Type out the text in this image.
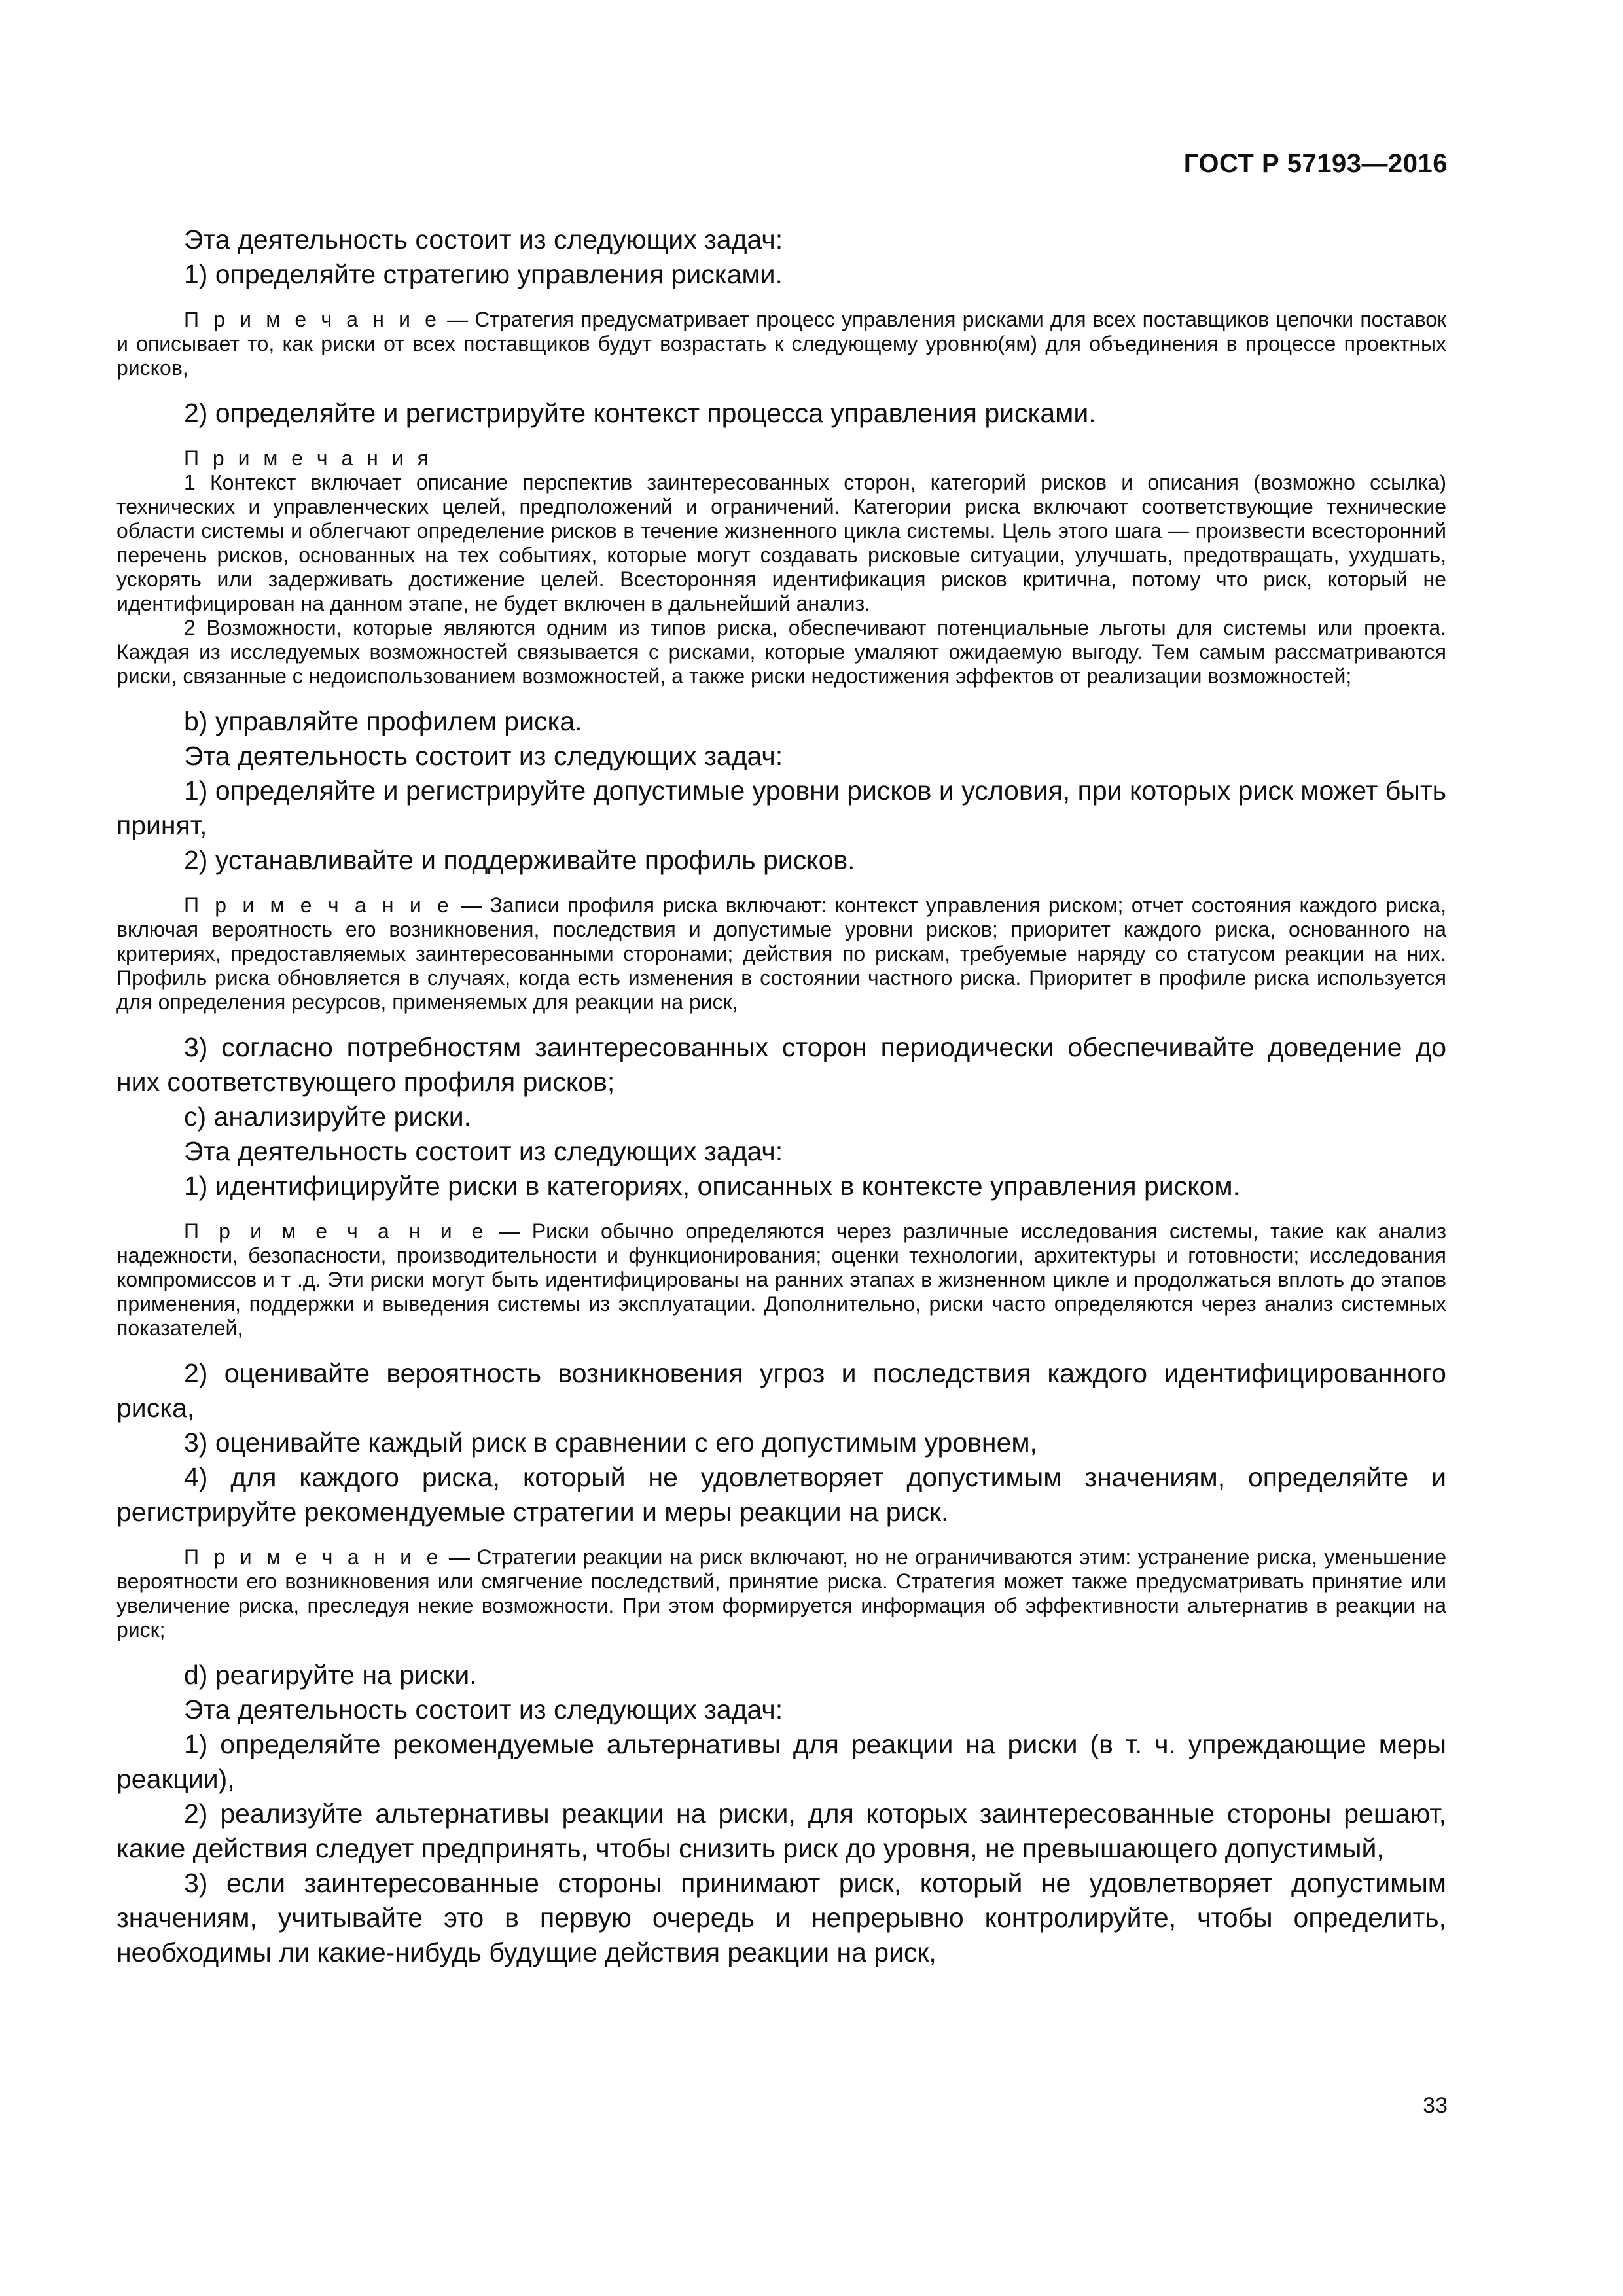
ГОСТ Р 57193—2016

Эта деятельность состоит из следующих задач:

1) определяйте стратегию управления рисками.

П р и м е ч а н и е — Стратегия предусматривает процесс управления рисками для всех поставщиков цепочки поставок и описывает то, как риски от всех поставщиков будут возрастать к следующему уровню(ям) для объединения в процессе проектных рисков,

2) определяйте и регистрируйте контекст процесса управления рисками.

П р и м е ч а н и я

1 Контекст включает описание перспектив заинтересованных сторон, категорий рисков и описания (возможно ссылка) технических и управленческих целей, предположений и ограничений. Категории риска включают соответствующие технические области системы и облегчают определение рисков в течение жизненного цикла системы. Цель этого шага — произвести всесторонний перечень рисков, основанных на тех событиях, которые могут создавать рисковые ситуации, улучшать, предотвращать, ухудшать, ускорять или задерживать достижение целей. Всесторонняя идентификация рисков критична, потому что риск, который не идентифицирован на данном этапе, не будет включен в дальнейший анализ.

2 Возможности, которые являются одним из типов риска, обеспечивают потенциальные льготы для системы или проекта. Каждая из исследуемых возможностей связывается с рисками, которые умаляют ожидаемую выгоду. Тем самым рассматриваются риски, связанные с недоиспользованием возможностей, а также риски недостижения эффектов от реализации возможностей;

b) управляйте профилем риска.

Эта деятельность состоит из следующих задач:

1) определяйте и регистрируйте допустимые уровни рисков и условия, при которых риск может быть принят,

2) устанавливайте и поддерживайте профиль рисков.

П р и м е ч а н и е — Записи профиля риска включают: контекст управления риском; отчет состояния каждого риска, включая вероятность его возникновения, последствия и допустимые уровни рисков; приоритет каждого риска, основанного на критериях, предоставляемых заинтересованными сторонами; действия по рискам, требуемые наряду со статусом реакции на них. Профиль риска обновляется в случаях, когда есть изменения в состоянии частного риска. Приоритет в профиле риска используется для определения ресурсов, применяемых для реакции на риск,

3) согласно потребностям заинтересованных сторон периодически обеспечивайте доведение до них соответствующего профиля рисков;

c) анализируйте риски.

Эта деятельность состоит из следующих задач:

1) идентифицируйте риски в категориях, описанных в контексте управления риском.

П р и м е ч а н и е — Риски обычно определяются через различные исследования системы, такие как анализ надежности, безопасности, производительности и функционирования; оценки технологии, архитектуры и готовности; исследования компромиссов и т .д. Эти риски могут быть идентифицированы на ранних этапах в жизненном цикле и продолжаться вплоть до этапов применения, поддержки и выведения системы из эксплуатации. Дополнительно, риски часто определяются через анализ системных показателей,

2) оценивайте вероятность возникновения угроз и последствия каждого идентифицированного риска,

3) оценивайте каждый риск в сравнении с его допустимым уровнем,

4) для каждого риска, который не удовлетворяет допустимым значениям, определяйте и регистрируйте рекомендуемые стратегии и меры реакции на риск.

П р и м е ч а н и е — Стратегии реакции на риск включают, но не ограничиваются этим: устранение риска, уменьшение вероятности его возникновения или смягчение последствий, принятие риска. Стратегия может также предусматривать принятие или увеличение риска, преследуя некие возможности. При этом формируется информация об эффективности альтернатив в реакции на риск;

d) реагируйте на риски.

Эта деятельность состоит из следующих задач:

1) определяйте рекомендуемые альтернативы для реакции на риски (в т. ч. упреждающие меры реакции),

2) реализуйте альтернативы реакции на риски, для которых заинтересованные стороны решают, какие действия следует предпринять, чтобы снизить риск до уровня, не превышающего допустимый,

3) если заинтересованные стороны принимают риск, который не удовлетворяет допустимым значениям, учитывайте это в первую очередь и непрерывно контролируйте, чтобы определить, необходимы ли какие-нибудь будущие действия реакции на риск,

33
